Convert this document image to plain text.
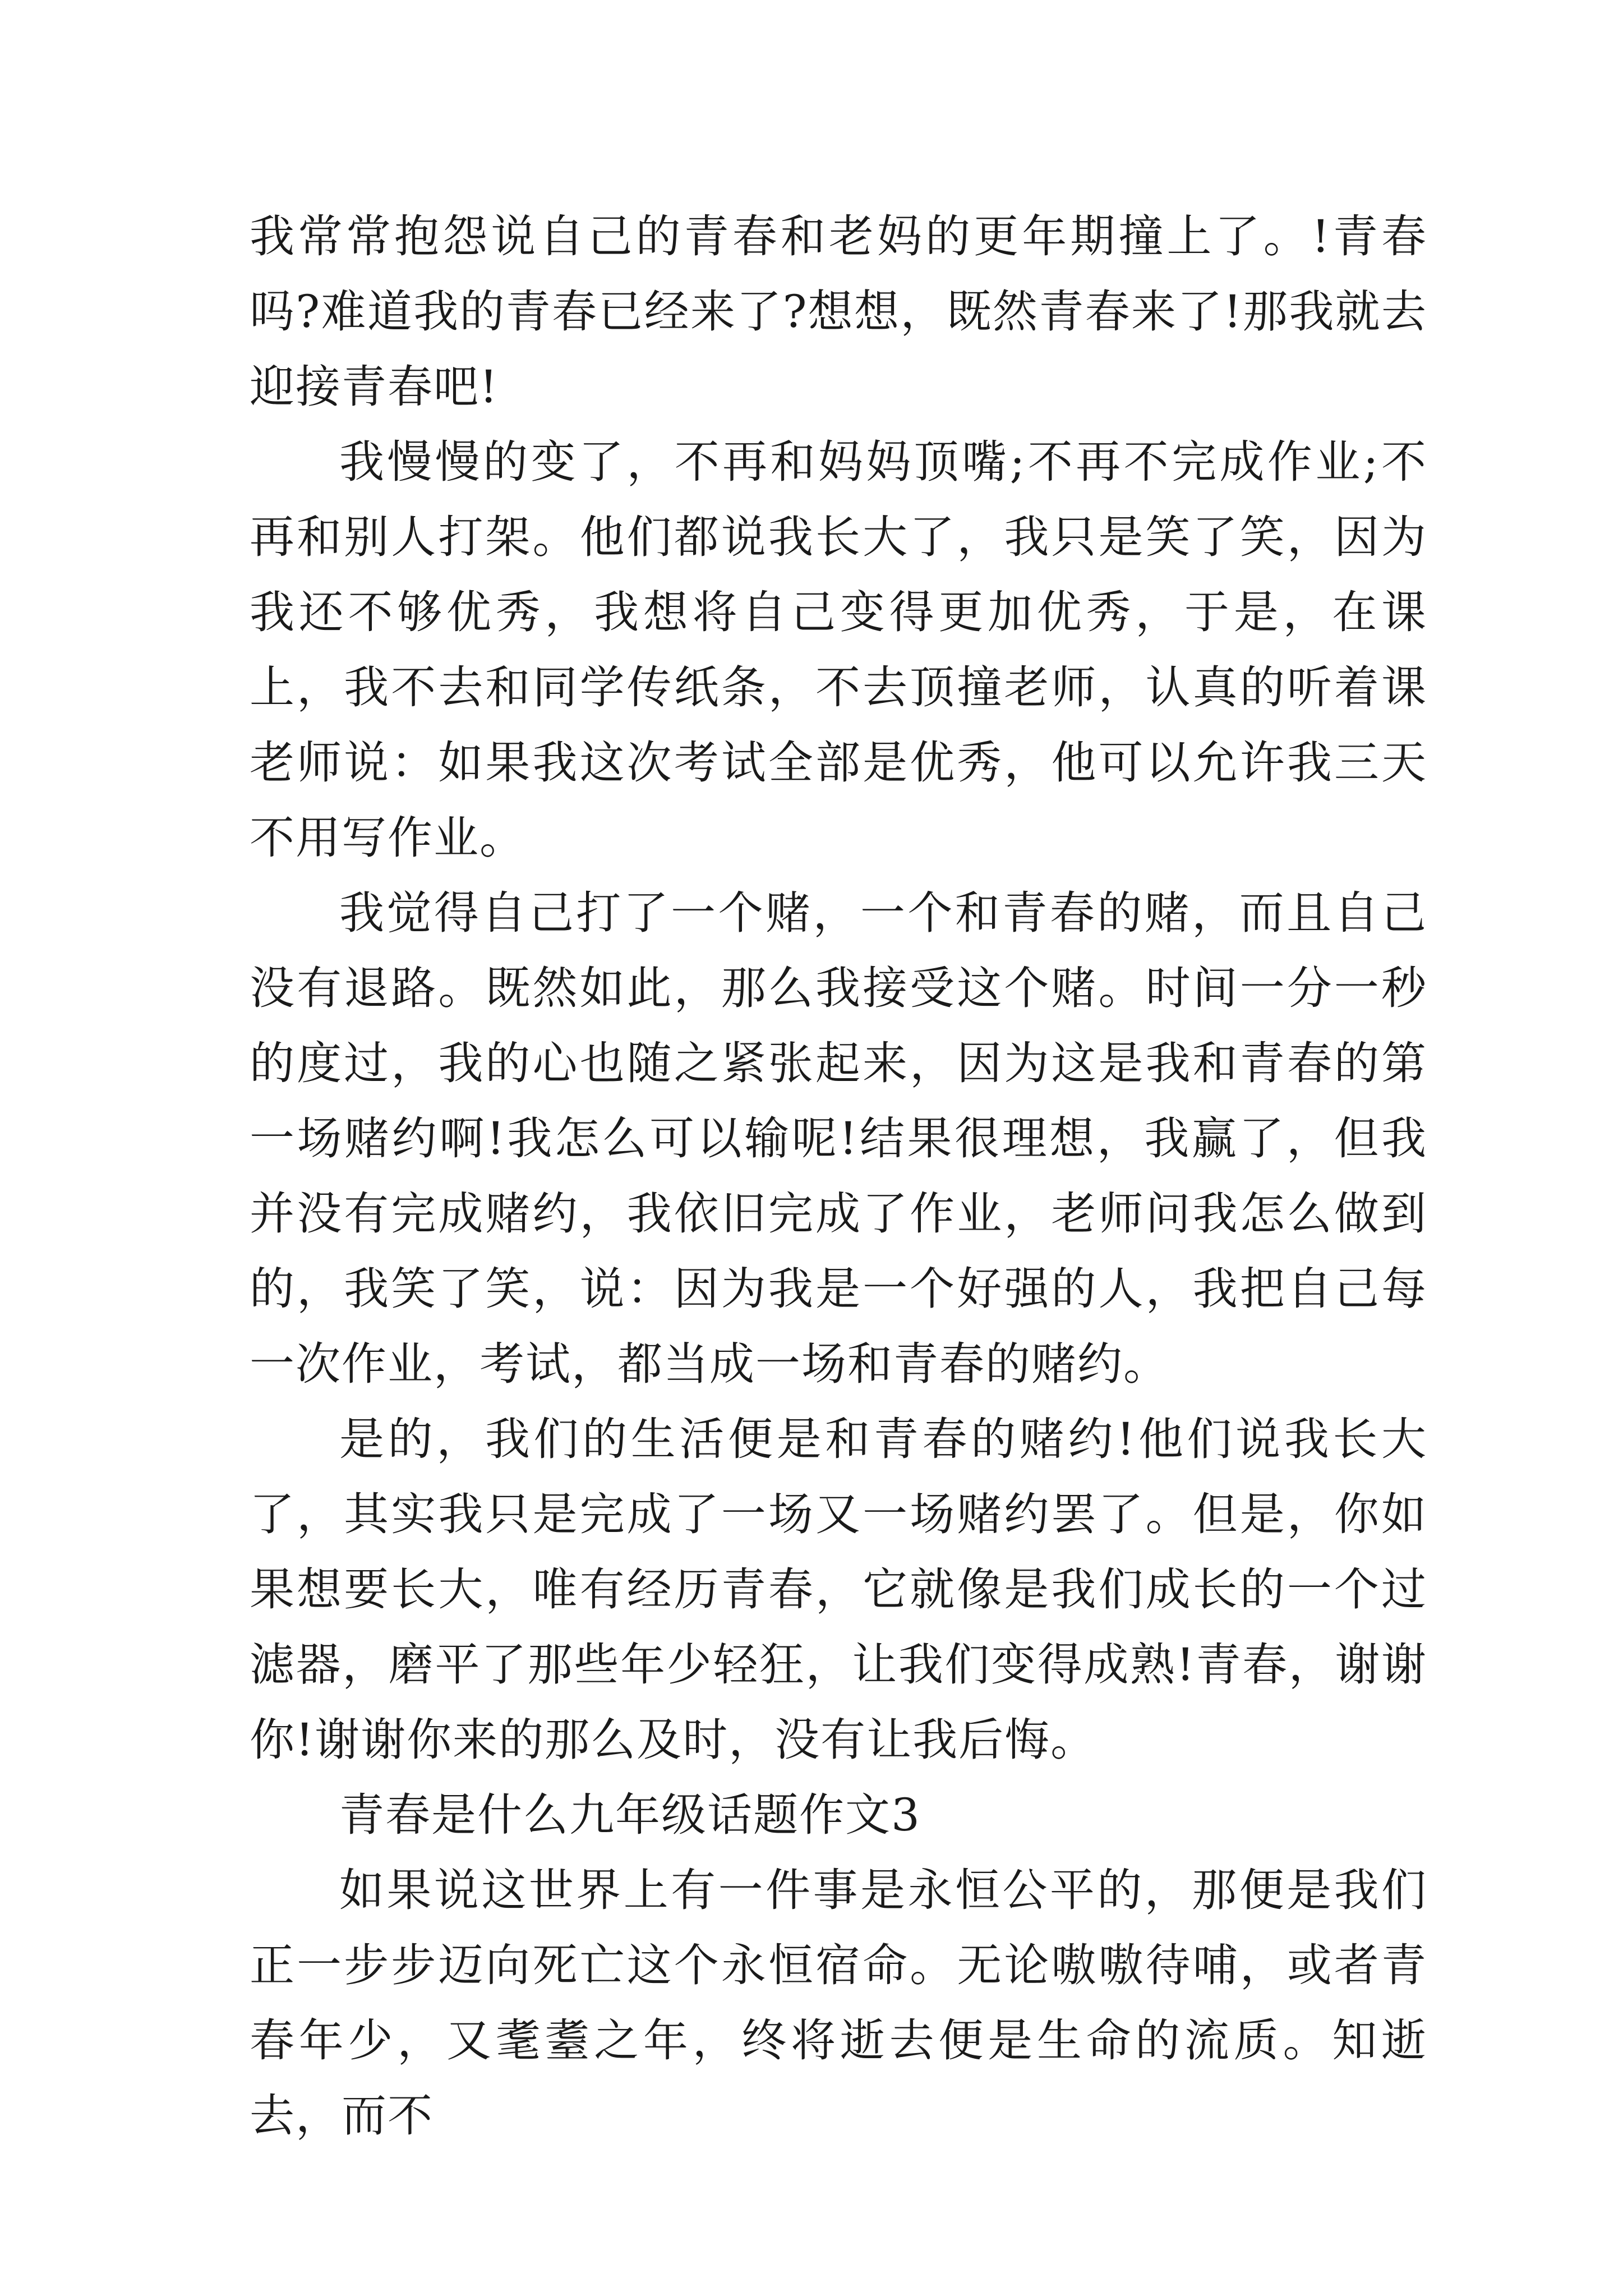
我常常抱怨说自己的青春和老妈的更年期撞上了。!青春吗?难道我的青春已经来了?想想，既然青春来了!那我就去迎接青春吧!

我慢慢的变了，不再和妈妈顶嘴;不再不完成作业;不再和别人打架。他们都说我长大了，我只是笑了笑，因为我还不够优秀，我想将自己变得更加优秀，于是，在课上，我不去和同学传纸条，不去顶撞老师，认真的听着课老师说：如果我这次考试全部是优秀，他可以允许我三天不用写作业。

我觉得自己打了一个赌，一个和青春的赌，而且自己没有退路。既然如此，那么我接受这个赌。时间一分一秒的度过，我的心也随之紧张起来，因为这是我和青春的第一场赌约啊!我怎么可以输呢!结果很理想，我赢了，但我并没有完成赌约，我依旧完成了作业，老师问我怎么做到的，我笑了笑，说：因为我是一个好强的人，我把自己每一次作业，考试，都当成一场和青春的赌约。

是的，我们的生活便是和青春的赌约!他们说我长大了，其实我只是完成了一场又一场赌约罢了。但是，你如果想要长大，唯有经历青春，它就像是我们成长的一个过滤器，磨平了那些年少轻狂，让我们变得成熟!青春，谢谢你!谢谢你来的那么及时，没有让我后悔。

青春是什么九年级话题作文3

如果说这世界上有一件事是永恒公平的，那便是我们正一步步迈向死亡这个永恒宿命。无论嗷嗷待哺，或者青春年少，又耄耋之年，终将逝去便是生命的流质。知逝去，而不
